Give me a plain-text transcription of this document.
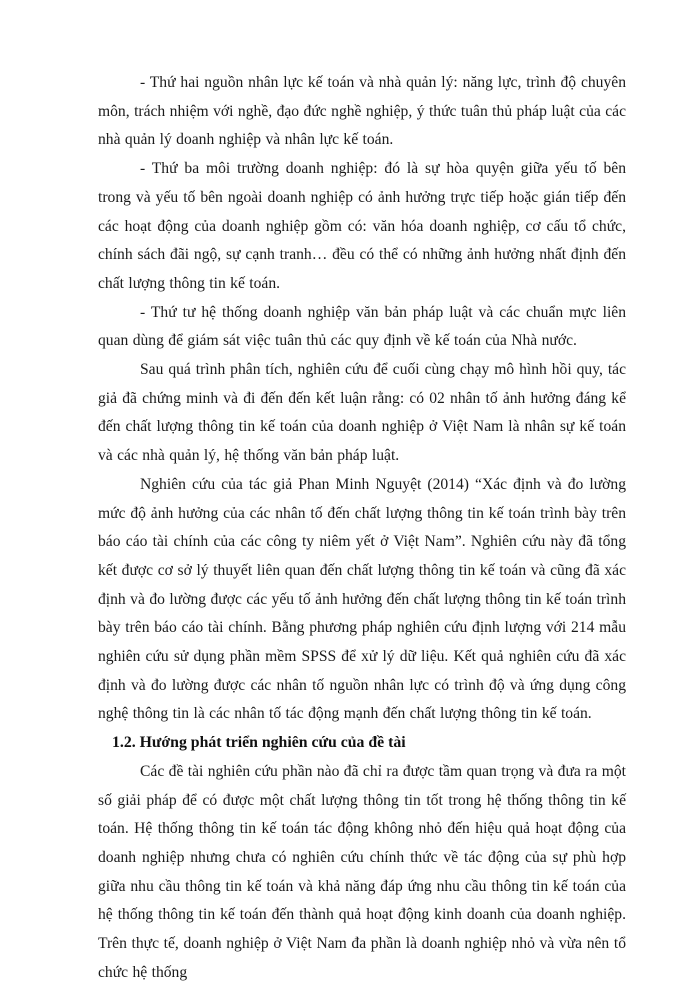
- Thứ hai nguồn nhân lực kế toán và nhà quản lý: năng lực, trình độ chuyên môn, trách nhiệm với nghề, đạo đức nghề nghiệp, ý thức tuân thủ pháp luật của các nhà quản lý doanh nghiệp và nhân lực kế toán.

- Thứ ba môi trường doanh nghiệp: đó là sự hòa quyện giữa yếu tố bên trong và yếu tố bên ngoài doanh nghiệp có ảnh hưởng trực tiếp hoặc gián tiếp đến các hoạt động của doanh nghiệp gồm có: văn hóa doanh nghiệp, cơ cấu tổ chức, chính sách đãi ngộ, sự cạnh tranh… đều có thể có những ảnh hưởng nhất định đến chất lượng thông tin kế toán.

- Thứ tư hệ thống doanh nghiệp văn bản pháp luật và các chuẩn mực liên quan dùng để giám sát việc tuân thủ các quy định về kế toán của Nhà nước.

Sau quá trình phân tích, nghiên cứu để cuối cùng chạy mô hình hồi quy, tác giả đã chứng minh và đi đến đến kết luận rằng: có 02 nhân tố ảnh hưởng đáng kể đến chất lượng thông tin kế toán của doanh nghiệp ở Việt Nam là nhân sự kế toán và các nhà quản lý, hệ thống văn bản pháp luật.

Nghiên cứu của tác giả Phan Minh Nguyệt (2014) “Xác định và đo lường mức độ ảnh hưởng của các nhân tố đến chất lượng thông tin kế toán trình bày trên báo cáo tài chính của các công ty niêm yết ở Việt Nam”. Nghiên cứu này đã tổng kết được cơ sở lý thuyết liên quan đến chất lượng thông tin kế toán và cũng đã xác định và đo lường được các yếu tố ảnh hưởng đến chất lượng thông tin kế toán trình bày trên báo cáo tài chính. Bằng phương pháp nghiên cứu định lượng với 214 mẫu nghiên cứu sử dụng phần mềm SPSS để xử lý dữ liệu. Kết quả nghiên cứu đã xác định và đo lường được các nhân tố nguồn nhân lực có trình độ và ứng dụng công nghệ thông tin là các nhân tố tác động mạnh đến chất lượng thông tin kế toán.

1.2. Hướng phát triển nghiên cứu của đề tài

Các đề tài nghiên cứu phần nào đã chỉ ra được tầm quan trọng và đưa ra một số giải pháp để có được một chất lượng thông tin tốt trong hệ thống thông tin kế toán. Hệ thống thông tin kế toán tác động không nhỏ đến hiệu quả hoạt động của doanh nghiệp nhưng chưa có nghiên cứu chính thức về tác động của sự phù hợp giữa nhu cầu thông tin kế toán và khả năng đáp ứng nhu cầu thông tin kế toán của hệ thống thông tin kế toán đến thành quả hoạt động kinh doanh của doanh nghiệp. Trên thực tế, doanh nghiệp ở Việt Nam đa phần là doanh nghiệp nhỏ và vừa nên tổ chức hệ thống
